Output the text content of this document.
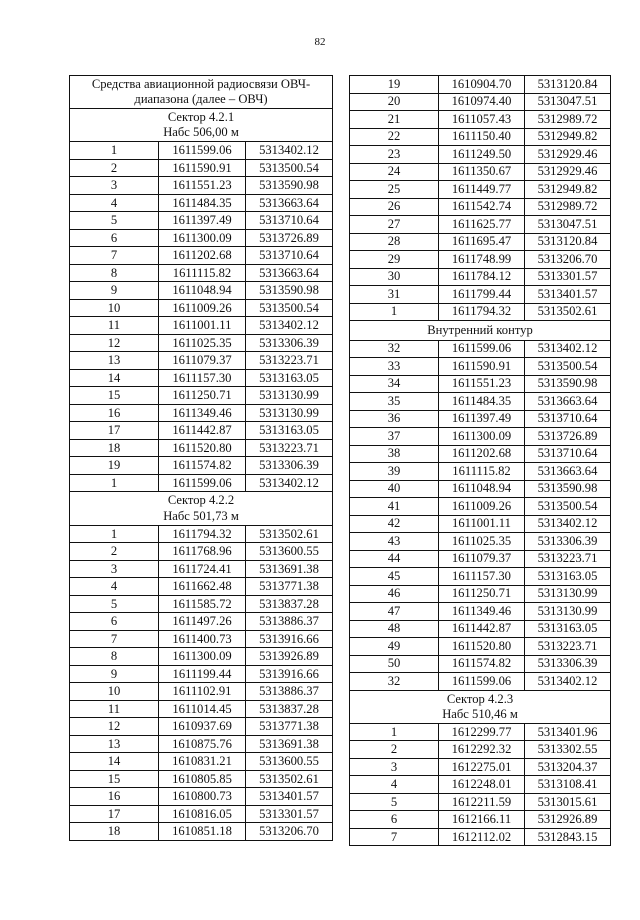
82
Средства авиационной радиосвязи ОВЧ-
диапазона (далее – ОВЧ)		

Сектор 4.2.1
Hабс 506,00 м		

1	1611599.06	5313402.12
2	1611590.91	5313500.54
3	1611551.23	5313590.98
4	1611484.35	5313663.64
5	1611397.49	5313710.64
6	1611300.09	5313726.89
7	1611202.68	5313710.64
8	1611115.82	5313663.64
9	1611048.94	5313590.98
10	1611009.26	5313500.54
11	1611001.11	5313402.12
12	1611025.35	5313306.39
13	1611079.37	5313223.71
14	1611157.30	5313163.05
15	1611250.71	5313130.99
16	1611349.46	5313130.99
17	1611442.87	5313163.05
18	1611520.80	5313223.71
19	1611574.82	5313306.39
1	1611599.06	5313402.12

Сектор 4.2.2
Hабс 501,73 м		

1	1611794.32	5313502.61
2	1611768.96	5313600.55
3	1611724.41	5313691.38
4	1611662.48	5313771.38
5	1611585.72	5313837.28
6	1611497.26	5313886.37
7	1611400.73	5313916.66
8	1611300.09	5313926.89
9	1611199.44	5313916.66
10	1611102.91	5313886.37
11	1611014.45	5313837.28
12	1610937.69	5313771.38
13	1610875.76	5313691.38
14	1610831.21	5313600.55
15	1610805.85	5313502.61
16	1610800.73	5313401.57
17	1610816.05	5313301.57
18	1610851.18	5313206.70
19	1610904.70	5313120.84
20	1610974.40	5313047.51
21	1611057.43	5312989.72
22	1611150.40	5312949.82
23	1611249.50	5312929.46
24	1611350.67	5312929.46
25	1611449.77	5312949.82
26	1611542.74	5312989.72
27	1611625.77	5313047.51
28	1611695.47	5313120.84
29	1611748.99	5313206.70
30	1611784.12	5313301.57
31	1611799.44	5313401.57
1	1611794.32	5313502.61

Внутренний контур		

32	1611599.06	5313402.12
33	1611590.91	5313500.54
34	1611551.23	5313590.98
35	1611484.35	5313663.64
36	1611397.49	5313710.64
37	1611300.09	5313726.89
38	1611202.68	5313710.64
39	1611115.82	5313663.64
40	1611048.94	5313590.98
41	1611009.26	5313500.54
42	1611001.11	5313402.12
43	1611025.35	5313306.39
44	1611079.37	5313223.71
45	1611157.30	5313163.05
46	1611250.71	5313130.99
47	1611349.46	5313130.99
48	1611442.87	5313163.05
49	1611520.80	5313223.71
50	1611574.82	5313306.39
32	1611599.06	5313402.12

Сектор 4.2.3
Hабс 510,46 м		

1	1612299.77	5313401.96
2	1612292.32	5313302.55
3	1612275.01	5313204.37
4	1612248.01	5313108.41
5	1612211.59	5313015.61
6	1612166.11	5312926.89
7	1612112.02	5312843.15
